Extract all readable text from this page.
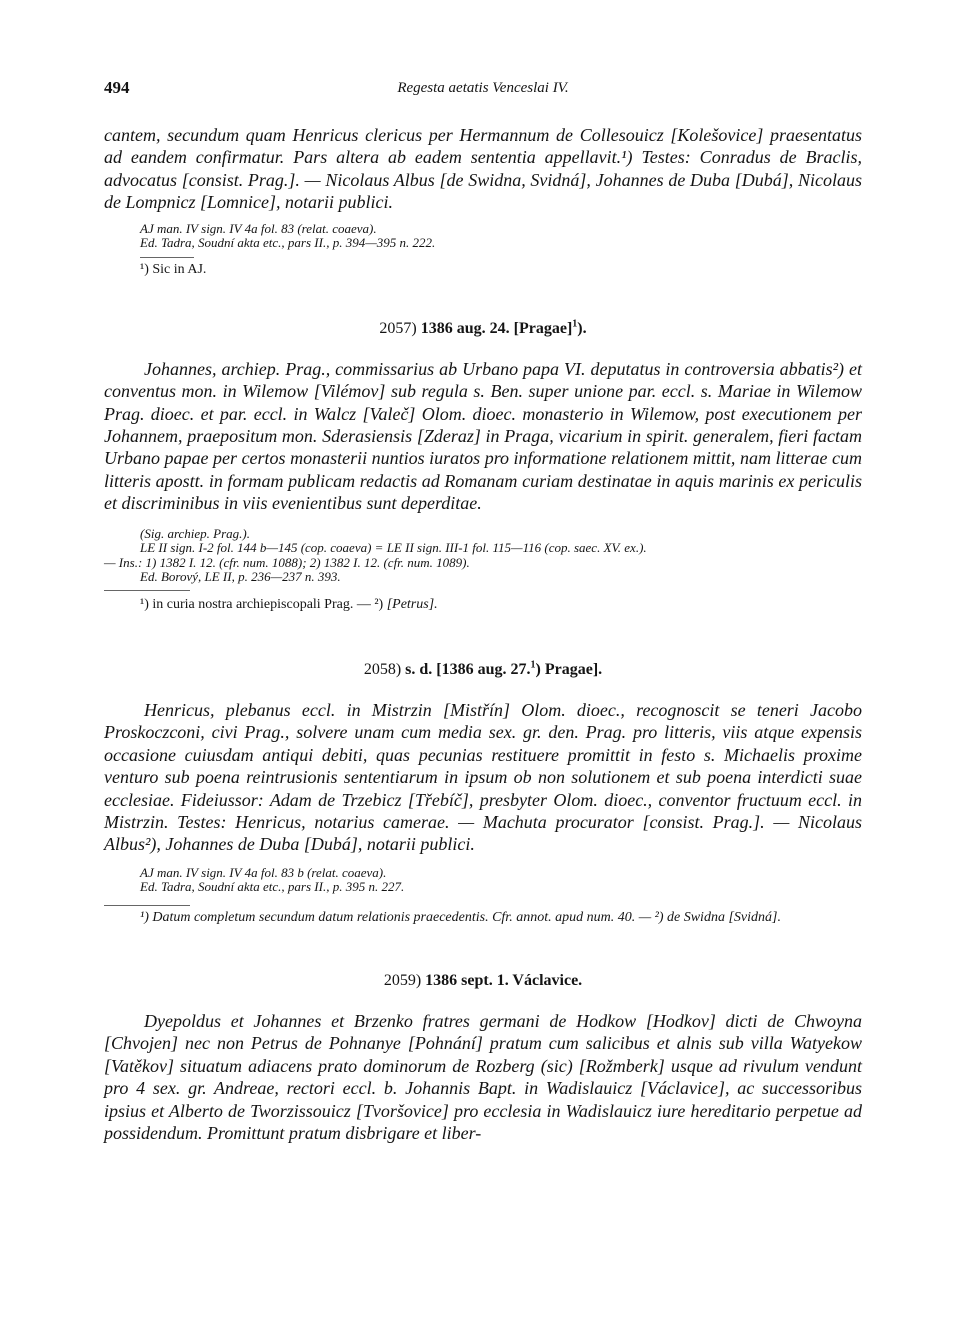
494	Regesta aetatis Venceslai IV.

cantem, secundum quam Henricus clericus per Hermannum de Collesouicz [Kolešovice] praesentatus ad eandem confirmatur. Pars altera ab eadem sententia appellavit.¹) Testes: Conradus de Braclis, advocatus [consist. Prag.]. — Nicolaus Albus [de Swidna, Svidná], Johannes de Duba [Dubá], Nicolaus de Lompnicz [Lomnice], notarii publici.

AJ man. IV sign. IV 4a fol. 83 (relat. coaeva).
Ed. Tadra, Soudní akta etc., pars II., p. 394—395 n. 222.
¹) Sic in AJ.
2057) 1386 aug. 24. [Pragae]$^1$).

Johannes, archiep. Prag., commissarius ab Urbano papa VI. deputatus in controversia abbatis²) et conventus mon. in Wilemow [Vilémov] sub regula s. Ben. super unione par. eccl. s. Mariae in Wilemow Prag. dioec. et par. eccl. in Walcz [Valeč] Olom. dioec. monasterio in Wilemow, post executionem per Johannem, praepositum mon. Sderasiensis [Zderaz] in Praga, vicarium in spirit. generalem, fieri factam Urbano papae per certos monasterii nuntios iuratos pro informatione relationem mittit, nam litterae cum litteris apostt. in formam publicam redactis ad Romanam curiam destinatae in aquis marinis ex periculis et discriminibus in viis evenientibus sunt deperditae.

(Sig. archiep. Prag.).
LE II sign. I-2 fol. 144 b—145 (cop. coaeva) = LE II sign. III-1 fol. 115—116 (cop. saec. XV. ex.).
— Ins.: 1) 1382 I. 12. (cfr. num. 1088); 2) 1382 I. 12. (cfr. num. 1089).
Ed. Borový, LE II, p. 236—237 n. 393.
¹) in curia nostra archiepiscopali Prag. — ²) [Petrus].
2058) s. d. [1386 aug. 27.$^1$) Pragae].

Henricus, plebanus eccl. in Mistrzin [Mistřín] Olom. dioec., recognoscit se teneri Jacobo Proskoczconi, civi Prag., solvere unam cum media sex. gr. den. Prag. pro litteris, viis atque expensis occasione cuiusdam antiqui debiti, quas pecunias restituere promittit in festo s. Michaelis proxime venturo sub poena reintrusionis sententiarum in ipsum ob non solutionem et sub poena interdicti suae ecclesiae. Fideiussor: Adam de Trzebicz [Třebíč], presbyter Olom. dioec., conventor fructuum eccl. in Mistrzin. Testes: Henricus, notarius camerae. — Machuta procurator [consist. Prag.]. — Nicolaus Albus²), Johannes de Duba [Dubá], notarii publici.

AJ man. IV sign. IV 4a fol. 83 b (relat. coaeva).
Ed. Tadra, Soudní akta etc., pars II., p. 395 n. 227.
¹) Datum completum secundum datum relationis praecedentis. Cfr. annot. apud num. 40. — ²) de Swidna [Svidná].
2059) 1386 sept. 1. Václavice.

Dyepoldus et Johannes et Brzenko fratres germani de Hodkow [Hodkov] dicti de Chwoyna [Chvojen] nec non Petrus de Pohnanye [Pohnání] pratum cum salicibus et alnis sub villa Watyekow [Vatěkov] situatum adiacens prato dominorum de Rozberg (sic) [Rožmberk] usque ad rivulum vendunt pro 4 sex. gr. Andreae, rectori eccl. b. Johannis Bapt. in Wadislauicz [Václavice], ac successoribus ipsius et Alberto de Tworzissouicz [Tvoršovice] pro ecclesia in Wadislauicz iure hereditario perpetue ad possidendum. Promittunt pratum disbrigare et liber-
